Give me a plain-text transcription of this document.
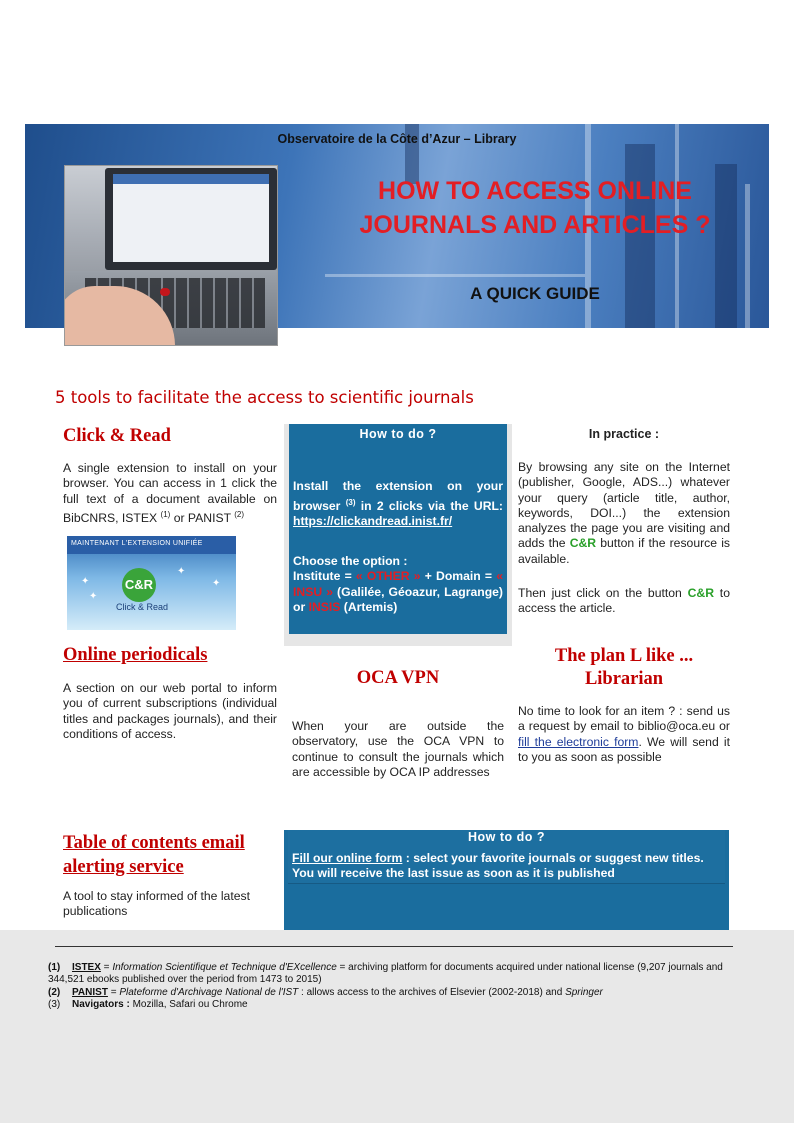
Observatoire de la Côte d’Azur – Library
HOW TO ACCESS ONLINE JOURNALS AND ARTICLES ?
A QUICK GUIDE
5 tools to facilitate the access to scientific journals
Click & Read
A single extension to install on your browser. You can access in 1 click the full text of a document available on BibCNRS, ISTEX $^{(1)}$ or PANIST $^{(2)}$
MAINTENANT L'EXTENSION UNIFIÉE
✦
✦
✦
✦
C&R
Click & Read
How to do ?
Install the extension on your browser $^{(3)}$ in 2 clicks via the URL: https://clickandread.inist.fr/
Choose the option :
Institute = « OTHER » + Domain = « INSU » (Galilée, Géoazur, Lagrange) or INSIS (Artemis)
In practice :
By browsing any site on the Internet (publisher, Google, ADS...) whatever your query (article title, author, keywords, DOI...) the extension analyzes the page you are visiting and adds the C&R button if the resource is available.
Then just click on the button C&R to access the article.
Online periodicals
A section on our web portal to inform you of current subscriptions (individual titles and packages journals), and their conditions of access.
OCA VPN
When your are outside the observatory, use the OCA VPN to continue to consult the journals which are accessible by OCA IP addresses
The plan L like ...
Librarian
No time to look for an item ? : send us a request by email to biblio@oca.eu or fill the electronic form. We will send it to you as soon as possible
Table of contents email
alerting service
A tool to stay informed of the latest publications
How to do ?
Fill our online form : select your favorite journals or suggest new titles. You will receive the last issue as soon as it is published
(1) ISTEX = Information Scientifique et Technique d'EXcellence = archiving platform for documents acquired under national license (9,207 journals and 344,521 ebooks published over the period from 1473 to 2015)
(2) PANIST = Plateforme d'Archivage National de l'IST : allows access to the archives of Elsevier (2002-2018) and Springer
(3) Navigators : Mozilla, Safari ou Chrome
